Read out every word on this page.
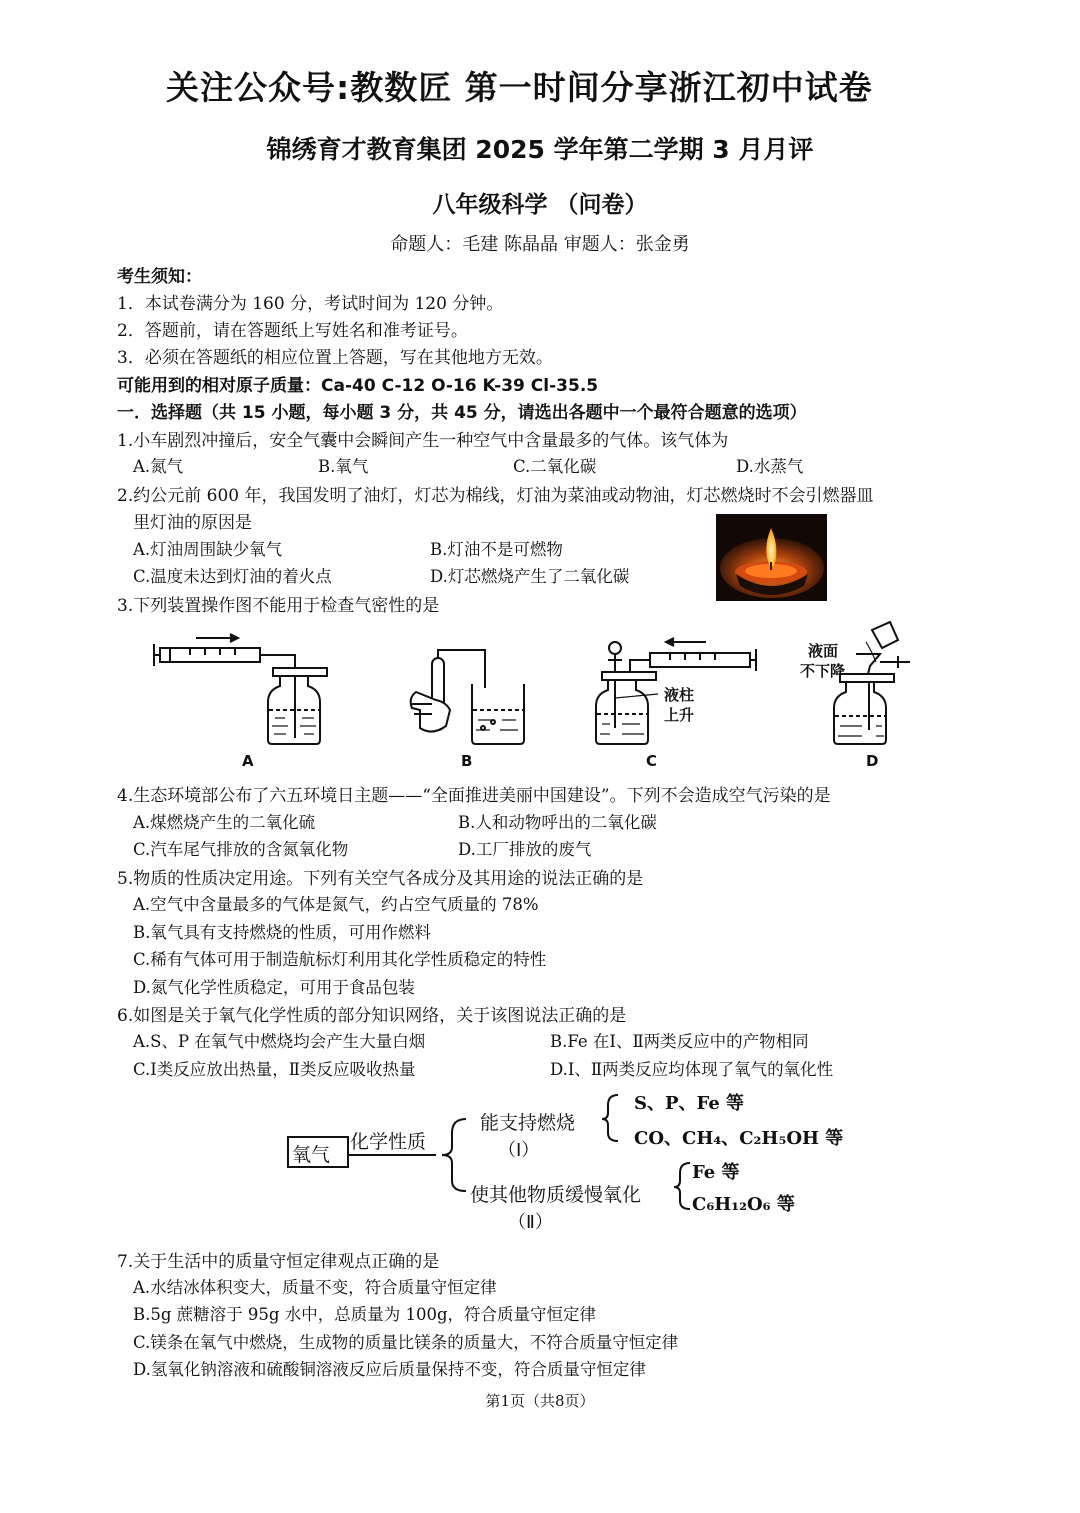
关注公众号:教数匠 第一时间分享浙江初中试卷
锦绣育才教育集团 2025 学年第二学期 3 月月评
八年级科学 （问卷）
命题人：毛建 陈晶晶 审题人：张金勇
考生须知：
1．本试卷满分为 160 分，考试时间为 120 分钟。
2．答题前，请在答题纸上写姓名和准考证号。
3．必须在答题纸的相应位置上答题，写在其他地方无效。
可能用到的相对原子质量：Ca-40 C-12 O-16 K-39 Cl-35.5
一．选择题（共 15 小题，每小题 3 分，共 45 分，请选出各题中一个最符合题意的选项）
1.小车剧烈冲撞后，安全气囊中会瞬间产生一种空气中含量最多的气体。该气体为
A.氮气	B.氧气	C.二氧化碳	D.水蒸气
2.约公元前 600 年，我国发明了油灯，灯芯为棉线，灯油为菜油或动物油，灯芯燃烧时不会引燃器皿
里灯油的原因是
A.灯油周围缺少氧气	B.灯油不是可燃物
C.温度未达到灯油的着火点	D.灯芯燃烧产生了二氧化碳
3.下列装置操作图不能用于检查气密性的是
A	B	C	D
液柱
上升
液面
不下降
4.生态环境部公布了六五环境日主题——“全面推进美丽中国建设”。下列不会造成空气污染的是
A.煤燃烧产生的二氧化硫	B.人和动物呼出的二氧化碳
C.汽车尾气排放的含氮氧化物	D.工厂排放的废气
5.物质的性质决定用途。下列有关空气各成分及其用途的说法正确的是
A.空气中含量最多的气体是氮气，约占空气质量的 78%
B.氧气具有支持燃烧的性质，可用作燃料
C.稀有气体可用于制造航标灯利用其化学性质稳定的特性
D.氮气化学性质稳定，可用于食品包装
6.如图是关于氧气化学性质的部分知识网络，关于该图说法正确的是
A.S、P 在氧气中燃烧均会产生大量白烟	B.Fe 在Ⅰ、Ⅱ两类反应中的产物相同
C.Ⅰ类反应放出热量，Ⅱ类反应吸收热量	D.Ⅰ、Ⅱ两类反应均体现了氧气的氧化性
氧气
化学性质
能支持燃烧
（Ⅰ）
S、P、Fe 等
CO、CH₄、C₂H₅OH 等
使其他物质缓慢氧化
（Ⅱ）
Fe 等
C₆H₁₂O₆ 等
7.关于生活中的质量守恒定律观点正确的是
A.水结冰体积变大，质量不变，符合质量守恒定律
B.5g 蔗糖溶于 95g 水中，总质量为 100g，符合质量守恒定律
C.镁条在氧气中燃烧，生成物的质量比镁条的质量大，不符合质量守恒定律
D.氢氧化钠溶液和硫酸铜溶液反应后质量保持不变，符合质量守恒定律
第1页（共8页）
